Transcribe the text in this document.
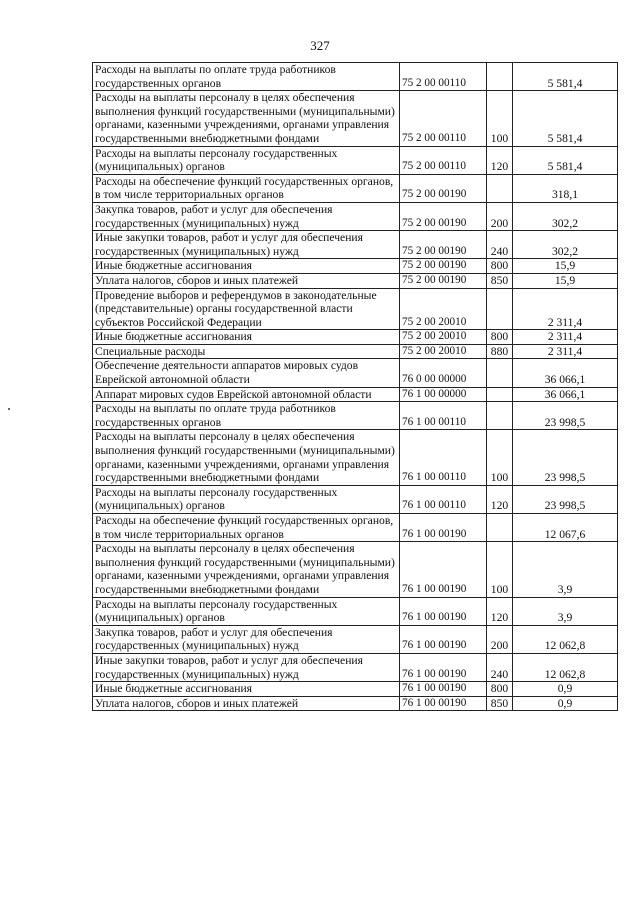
327
Расходы на выплаты по оплате труда работников государственных органов	75 2 00 00110		5 581,4
Расходы на выплаты персоналу в целях обеспечения выполнения функций государственными (муниципальными) органами, казенными учреждениями, органами управления государственными внебюджетными фондами	75 2 00 00110	100	5 581,4
Расходы на выплаты персоналу государственных (муниципальных) органов	75 2 00 00110	120	5 581,4
Расходы на обеспечение функций государственных органов, в том числе территориальных органов	75 2 00 00190		318,1
Закупка товаров, работ и услуг для обеспечения государственных (муниципальных) нужд	75 2 00 00190	200	302,2
Иные закупки товаров, работ и услуг для обеспечения государственных (муниципальных) нужд	75 2 00 00190	240	302,2
Иные бюджетные ассигнования	75 2 00 00190	800	15,9
Уплата налогов, сборов и иных платежей	75 2 00 00190	850	15,9
Проведение выборов и референдумов в законодательные (представительные) органы государственной власти субъектов Российской Федерации	75 2 00 20010		2 311,4
Иные бюджетные ассигнования	75 2 00 20010	800	2 311,4
Специальные расходы	75 2 00 20010	880	2 311,4
Обеспечение деятельности аппаратов мировых судов Еврейской автономной области	76 0 00 00000		36 066,1
Аппарат мировых судов Еврейской автономной области	76 1 00 00000		36 066,1
Расходы на выплаты по оплате труда работников государственных органов	76 1 00 00110		23 998,5
Расходы на выплаты персоналу в целях обеспечения выполнения функций государственными (муниципальными) органами, казенными учреждениями, органами управления государственными внебюджетными фондами	76 1 00 00110	100	23 998,5
Расходы на выплаты персоналу государственных (муниципальных) органов	76 1 00 00110	120	23 998,5
Расходы на обеспечение функций государственных органов, в том числе территориальных органов	76 1 00 00190		12 067,6
Расходы на выплаты персоналу в целях обеспечения выполнения функций государственными (муниципальными) органами, казенными учреждениями, органами управления государственными внебюджетными фондами	76 1 00 00190	100	3,9
Расходы на выплаты персоналу государственных (муниципальных) органов	76 1 00 00190	120	3,9
Закупка товаров, работ и услуг для обеспечения государственных (муниципальных) нужд	76 1 00 00190	200	12 062,8
Иные закупки товаров, работ и услуг для обеспечения государственных (муниципальных) нужд	76 1 00 00190	240	12 062,8
Иные бюджетные ассигнования	76 1 00 00190	800	0,9
Уплата налогов, сборов и иных платежей	76 1 00 00190	850	0,9
